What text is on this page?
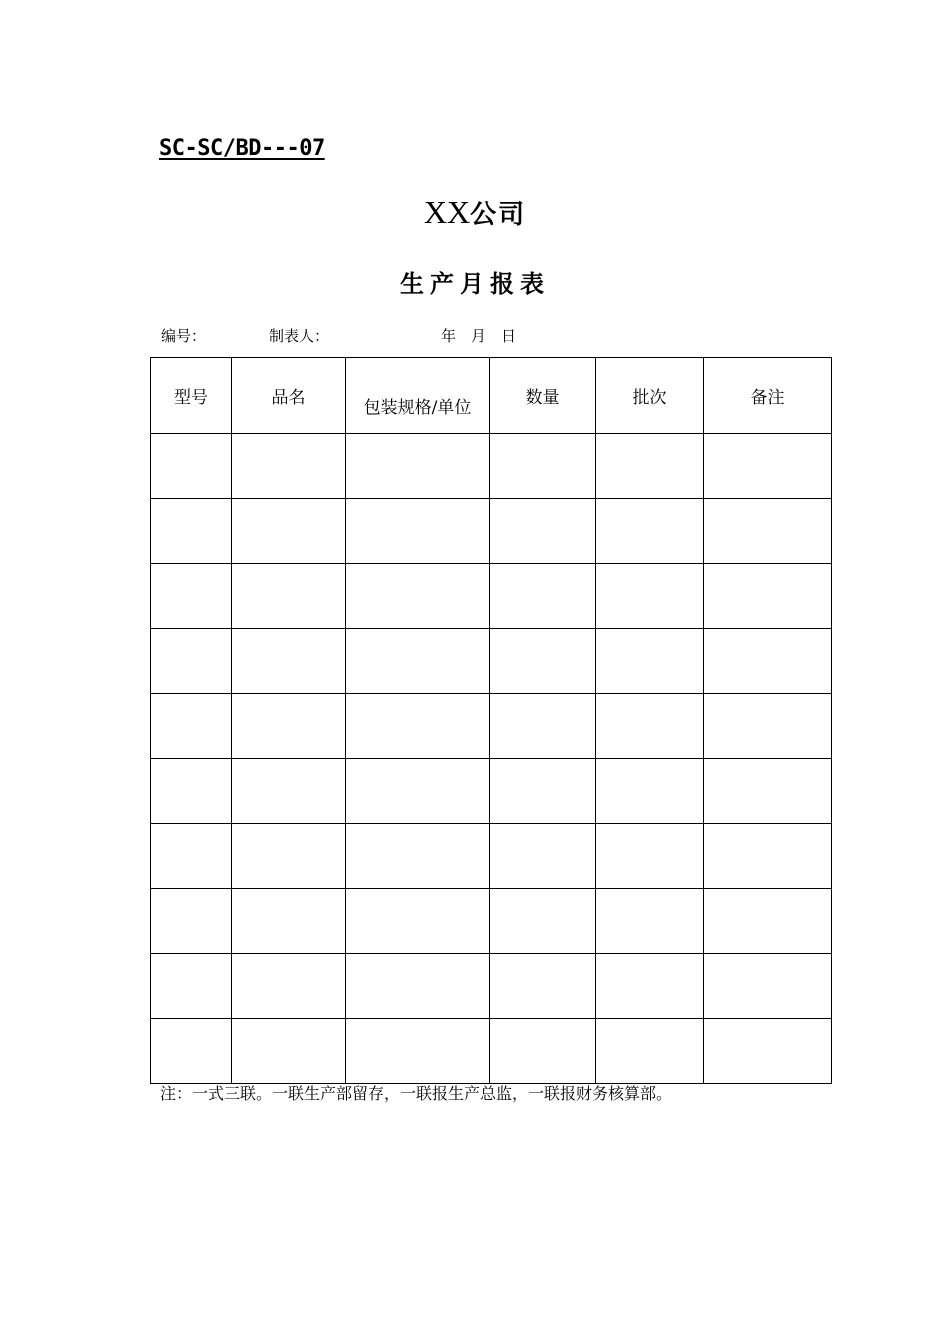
SC-SC/BD---07
XX公司
生产月报表
编号：	制表人：	年 月 日
型号	品名	包装规格/单位	数量	批次	备注

注：一式三联。一联生产部留存，一联报生产总监，一联报财务核算部。
